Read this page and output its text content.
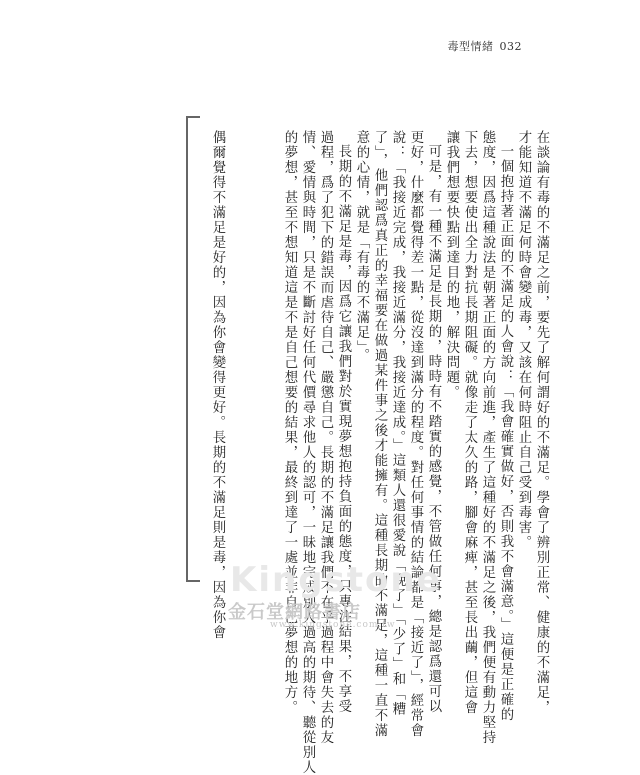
毒型情緒 032
在談論有毒的不滿足之前，要先了解何謂好的不滿足。學會了辨別正常、健康的不滿足，
才能知道不滿足何時會變成毒，又該在何時阻止自己受到毒害。
一個抱持著正面的不滿足的人會說：「我會確實做好，否則我不會滿意。」這便是正確的
態度，因爲這種說法是朝著正面的方向前進，產生了這種好的不滿足之後，我們便有動力堅持
下去，想要使出全力對抗長期阻礙。就像走了太久的路，腳會麻痺，甚至長出繭，但這會
讓我們想要快點到達目的地，解決問題。
可是，有一種不滿足是長期的，時時有不踏實的感覺，不管做任何事，總是認爲還可以
更好，什麼都覺得差一點，從沒達到滿分的程度。對任何事情的結論都是「接近了」，經常會
說：「我接近完成，我接近滿分，我接近達成。」這類人還很愛說「晚了」「少了」和「糟
了」，他們認爲真正的幸福要在做過某件事之後才能擁有。這種長期的不滿足，這種一直不滿
意的心情，就是「有毒的不滿足」。
長期的不滿足是毒，因爲它讓我們對於實現夢想抱持負面的態度，只專注結果，不享受
過程，爲了犯下的錯誤而虐待自己、嚴懲自己。長期的不滿足讓我們不在乎過程中會失去的友
情、愛情與時間，只是不斷討好任何代價尋求他人的認可，一昧地完成別人過高的期待、聽從別人
的夢想，甚至不想知道這是不是自己想要的結果，最終到達了一處並非自己夢想的地方。
偶爾覺得不滿足是好的，因為你會變得更好。長期的不滿足則是毒，因為你會 Kingstone
金石堂網路書店
www.kingstone.com.tw
